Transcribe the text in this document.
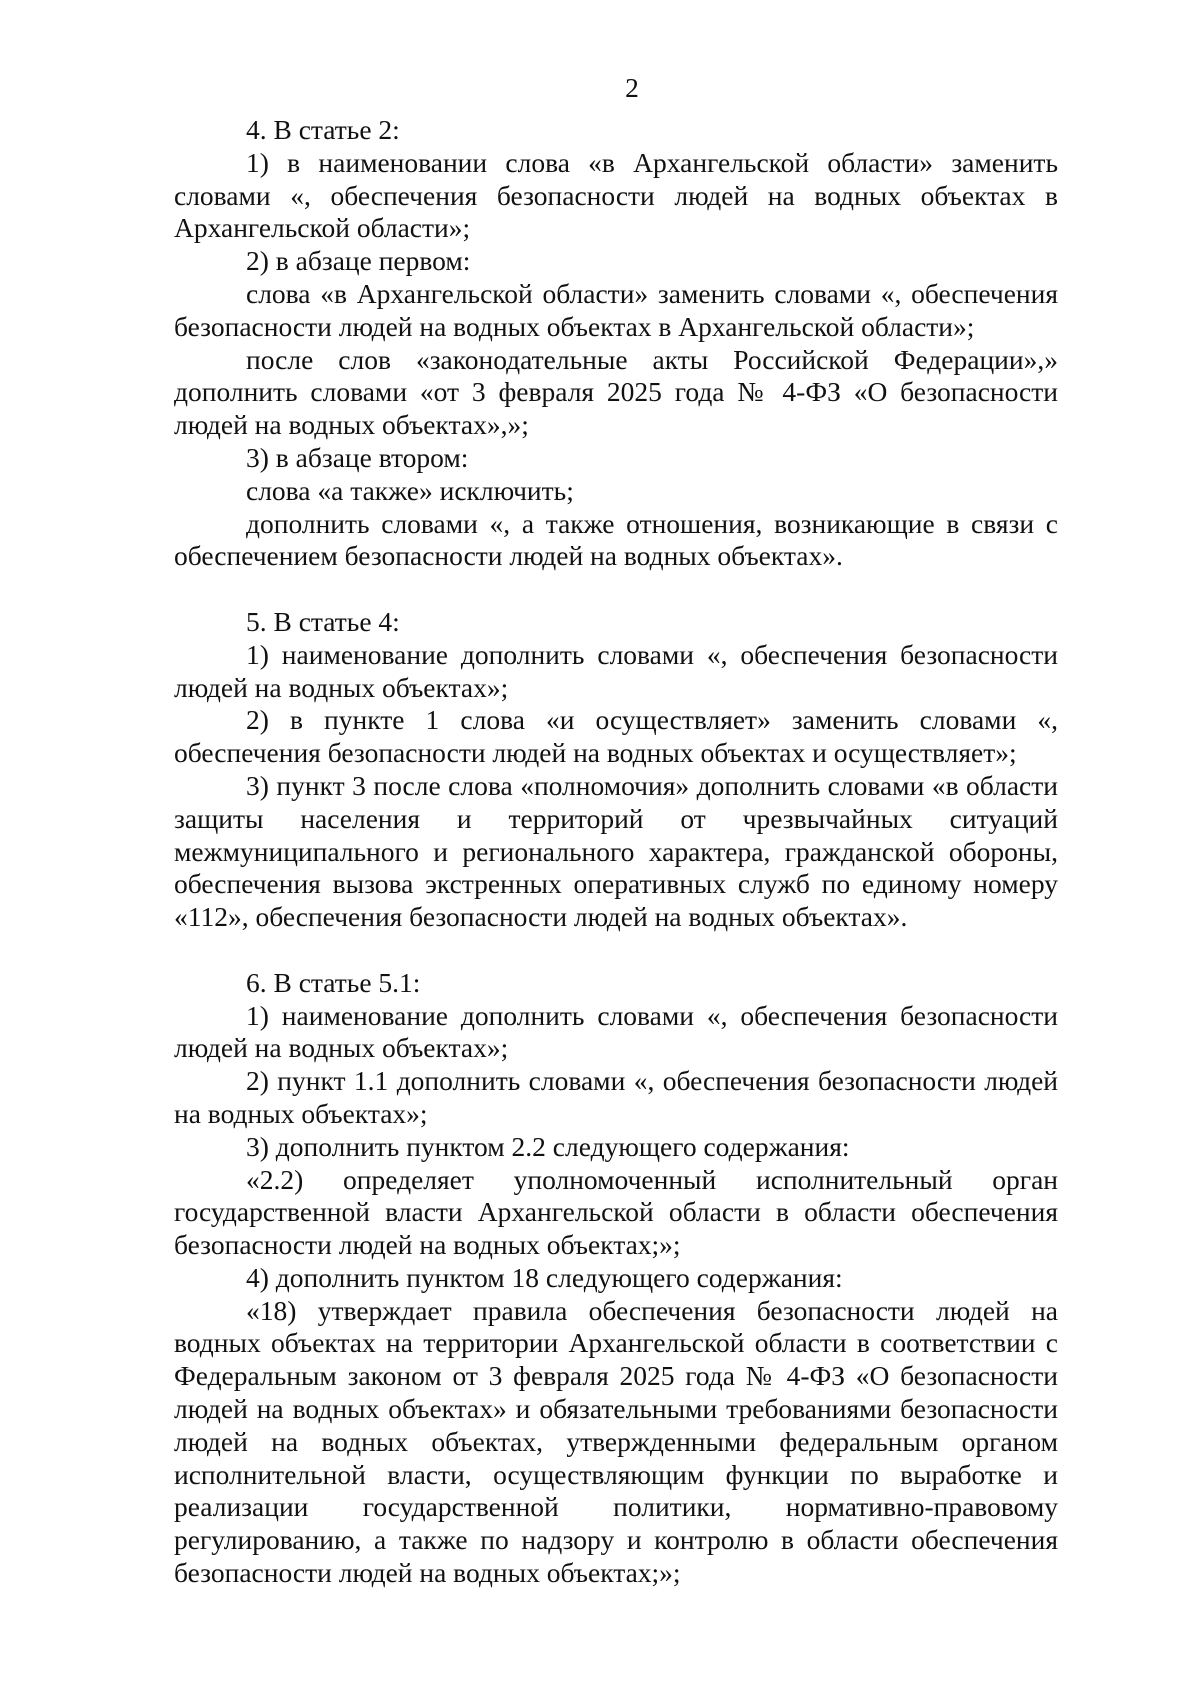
2

4. В статье 2:

1) в наименовании слова «в Архангельской области» заменить словами «, обеспечения безопасности людей на водных объектах в Архангельской области»;

2) в абзаце первом:

слова «в Архангельской области» заменить словами «, обеспечения безопасности людей на водных объектах в Архангельской области»;

после слов «законодательные акты Российской Федерации»,» дополнить словами «от 3 февраля 2025 года № 4-ФЗ «О безопасности людей на водных объектах»,»;

3) в абзаце втором:

слова «а также» исключить;

дополнить словами «, а также отношения, возникающие в связи с обеспечением безопасности людей на водных объектах».

5. В статье 4:

1) наименование дополнить словами «, обеспечения безопасности людей на водных объектах»;

2) в пункте 1 слова «и осуществляет» заменить словами «, обеспечения безопасности людей на водных объектах и осуществляет»;

3) пункт 3 после слова «полномочия» дополнить словами «в области защиты населения и территорий от чрезвычайных ситуаций межмуниципального и регионального характера, гражданской обороны, обеспечения вызова экстренных оперативных служб по единому номеру «112», обеспечения безопасности людей на водных объектах».

6. В статье 5.1:

1) наименование дополнить словами «, обеспечения безопасности людей на водных объектах»;

2) пункт 1.1 дополнить словами «, обеспечения безопасности людей на водных объектах»;

3) дополнить пунктом 2.2 следующего содержания:

«2.2) определяет уполномоченный исполнительный орган государственной власти Архангельской области в области обеспечения безопасности людей на водных объектах;»;

4) дополнить пунктом 18 следующего содержания:

«18) утверждает правила обеспечения безопасности людей на водных объектах на территории Архангельской области в соответствии с Федеральным законом от 3 февраля 2025 года № 4-ФЗ «О безопасности людей на водных объектах» и обязательными требованиями безопасности людей на водных объектах, утвержденными федеральным органом исполнительной власти, осуществляющим функции по выработке и реализации государственной политики, нормативно-правовому регулированию, а также по надзору и контролю в области обеспечения безопасности людей на водных объектах;»;
